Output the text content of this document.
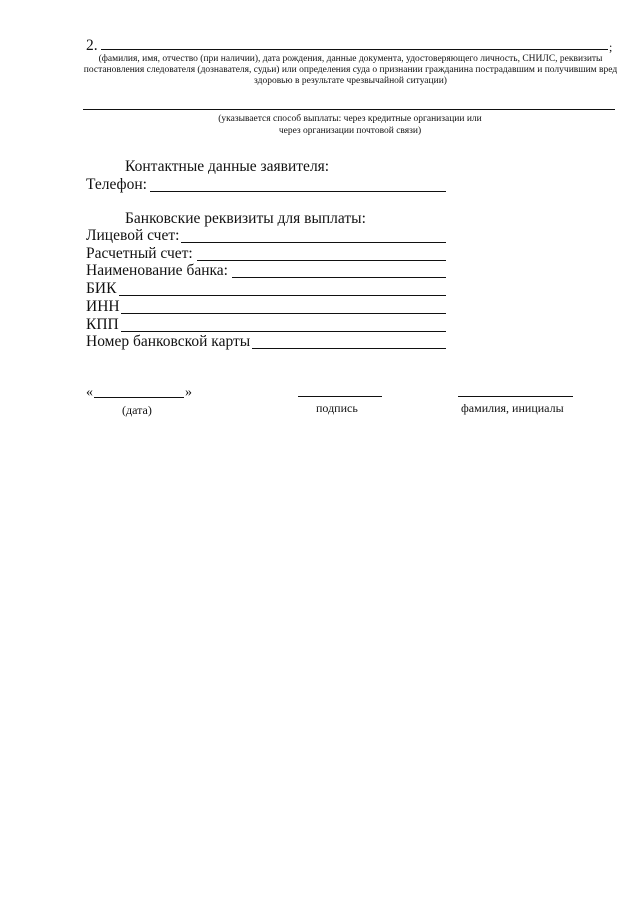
2.	;
(фамилия, имя, отчество (при наличии), дата рождения, данные документа, удостоверяющего личность, СНИЛС, реквизиты постановления следователя (дознавателя, судьи) или определения суда о признании гражданина пострадавшим и получившим вред здоровью в результате чрезвычайной ситуации)
(указывается способ выплаты: через кредитные организации или
через организации почтовой связи)
Контактные данные заявителя:
Телефон:
Банковские реквизиты для выплаты:
Лицевой счет:
Расчетный счет:
Наименование банка:
БИК
ИНН
КПП
Номер банковской карты
«	»
(дата)	подпись	фамилия, инициалы
